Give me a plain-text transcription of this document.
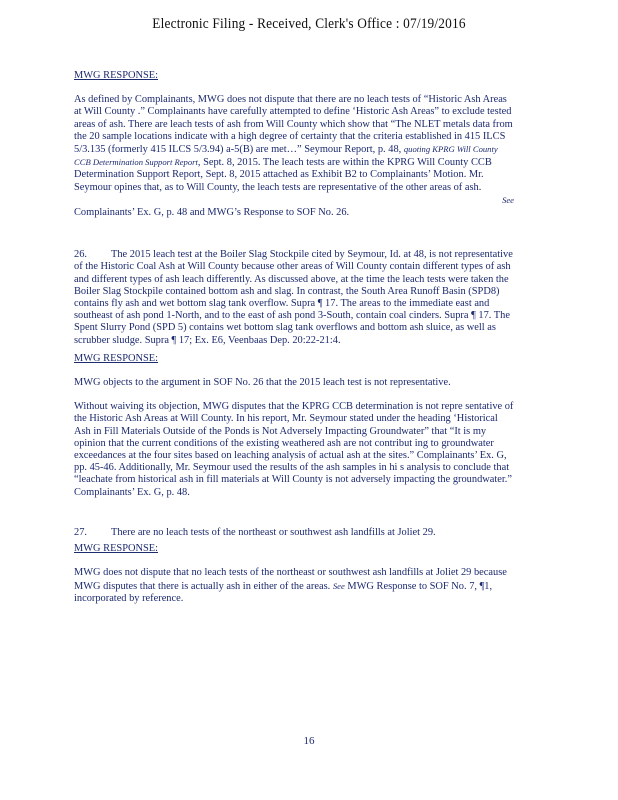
Electronic Filing - Received, Clerk's Office : 07/19/2016

MWG RESPONSE:

As defined by Complainants, MWG does not dispute that there are no leach tests of “Historic Ash Areas at Will County .” Complainants have carefully attempted to define ‘Historic Ash Areas” to exclude tested areas of ash. There are leach tests of ash from Will County which show that “The NLET metals data from the 20 sample locations indicate with a high degree of certainty that the criteria established in 415 ILCS 5/3.135 (formerly 415 ILCS 5/3.94) a-5(B) are met…” Seymour Report, p. 48, quoting KPRG Will County CCB Determination Support Report, Sept. 8, 2015. The leach tests are within the KPRG Will County CCB Determination Support Report, Sept. 8, 2015 attached as Exhibit B2 to Complainants’ Motion. Mr. Seymour opines that, as to Will County, the leach tests are representative of the other areas of ash. See Complainants’ Ex. G, p. 48 and MWG’s Response to SOF No. 26.

26. The 2015 leach test at the Boiler Slag Stockpile cited by Seymour, Id. at 48, is not representative of the Historic Coal Ash at Will County because other areas of Will County contain different types of ash and different types of ash leach differently. As discussed above, at the time the leach tests were taken the Boiler Slag Stockpile contained bottom ash and slag. In contrast, the South Area Runoff Basin (SPD8) contains fly ash and wet bottom slag tank overflow. Supra ¶ 17. The areas to the immediate east and southeast of ash pond 1-North, and to the east of ash pond 3-South, contain coal cinders. Supra ¶ 17. The Spent Slurry Pond (SPD 5) contains wet bottom slag tank overflows and bottom ash sluice, as well as scrubber sludge. Supra ¶ 17; Ex. E6, Veenbaas Dep. 20:22-21:4.

MWG RESPONSE:

MWG objects to the argument in SOF No. 26 that the 2015 leach test is not representative.

Without waiving its objection, MWG disputes that the KPRG CCB determination is not repre sentative of the Historic Ash Areas at Will County. In his report, Mr. Seymour stated under the heading ‘Historical Ash in Fill Materials Outside of the Ponds is Not Adversely Impacting Groundwater” that “It is my opinion that the current conditions of the existing weathered ash are not contribut ing to groundwater exceedances at the four sites based on leaching analysis of actual ash at the sites.” Complainants’ Ex. G, pp. 45-46. Additionally, Mr. Seymour used the results of the ash samples in hi s analysis to conclude that “leachate from historical ash in fill materials at Will County is not adversely impacting the groundwater.” Complainants’ Ex. G, p. 48.

27. There are no leach tests of the northeast or southwest ash landfills at Joliet 29.

MWG RESPONSE:

MWG does not dispute that no leach tests of the northeast or southwest ash landfills at Joliet 29 because MWG disputes that there is actually ash in either of the areas. See MWG Response to SOF No. 7, ¶1, incorporated by reference.

16
